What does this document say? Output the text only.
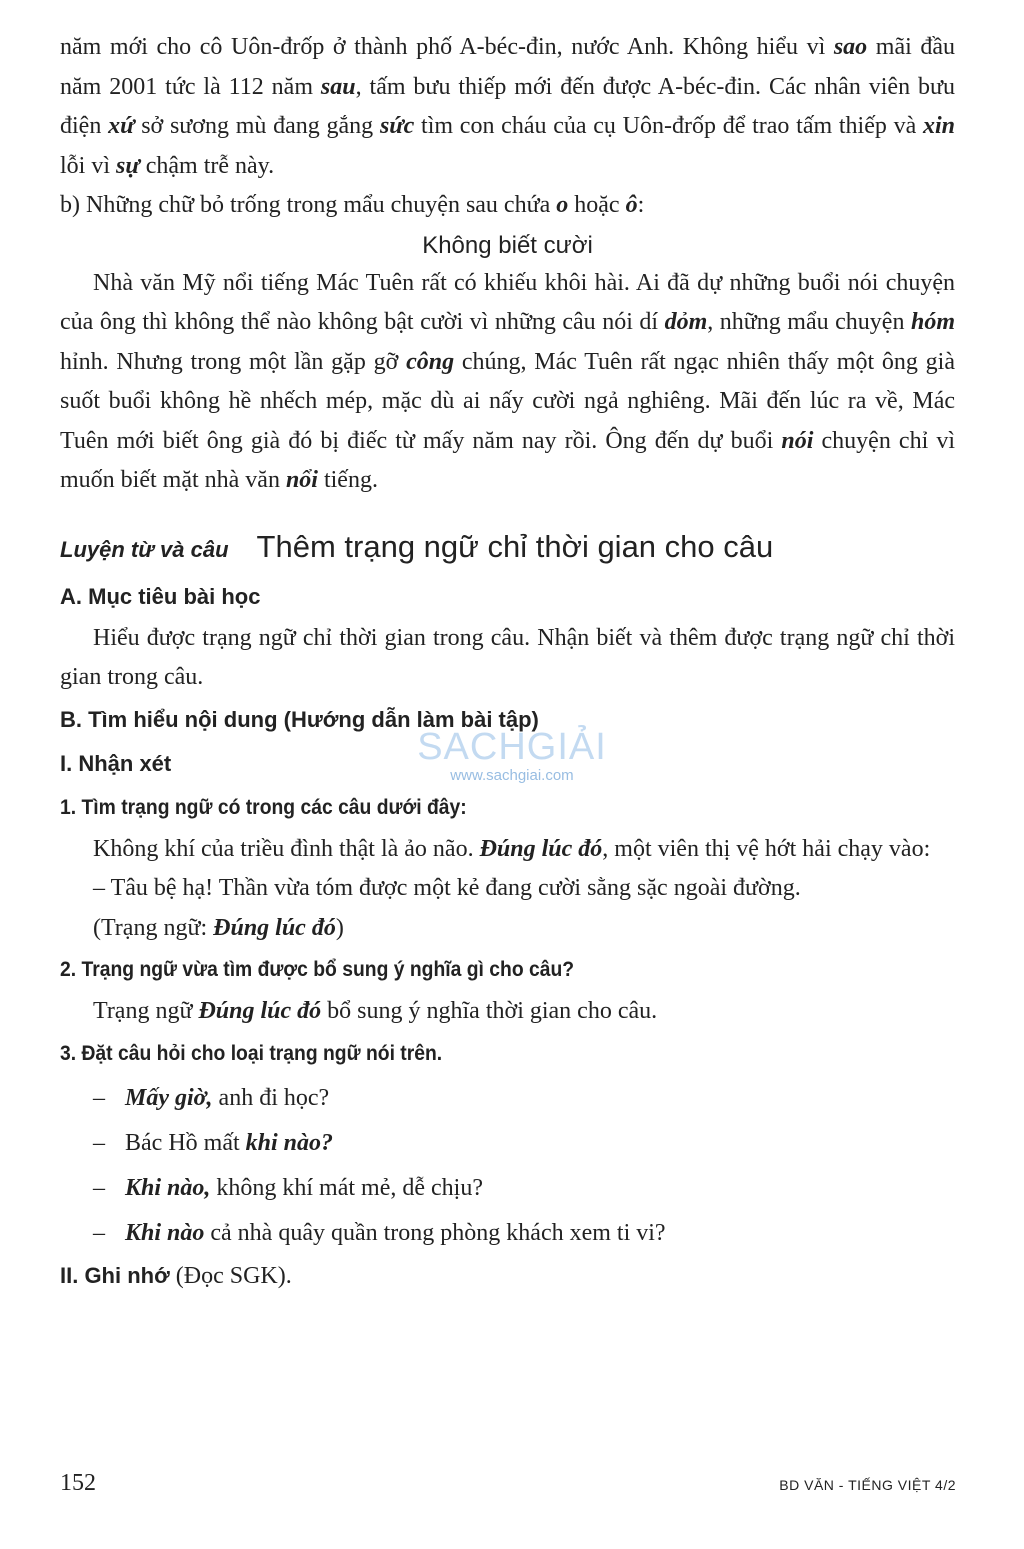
năm mới cho cô Uôn-đrốp ở thành phố A-béc-đin, nước Anh. Không hiểu vì sao mãi đầu năm 2001 tức là 112 năm sau, tấm bưu thiếp mới đến được A-béc-đin. Các nhân viên bưu điện xứ sở sương mù đang gắng sức tìm con cháu của cụ Uôn-đrốp để trao tấm thiếp và xin lỗi vì sự chậm trễ này.

b) Những chữ bỏ trống trong mẩu chuyện sau chứa o hoặc ô:

Không biết cười

Nhà văn Mỹ nổi tiếng Mác Tuên rất có khiếu khôi hài. Ai đã dự những buổi nói chuyện của ông thì không thể nào không bật cười vì những câu nói dí dỏm, những mẩu chuyện hóm hỉnh. Nhưng trong một lần gặp gỡ công chúng, Mác Tuên rất ngạc nhiên thấy một ông già suốt buổi không hề nhếch mép, mặc dù ai nấy cười ngả nghiêng. Mãi đến lúc ra về, Mác Tuên mới biết ông già đó bị điếc từ mấy năm nay rồi. Ông đến dự buổi nói chuyện chỉ vì muốn biết mặt nhà văn nổi tiếng.

Luyện từ và câu Thêm trạng ngữ chỉ thời gian cho câu

A. Mục tiêu bài học

Hiểu được trạng ngữ chỉ thời gian trong câu. Nhận biết và thêm được trạng ngữ chỉ thời gian trong câu.

B. Tìm hiểu nội dung (Hướng dẫn làm bài tập)

I. Nhận xét

1. Tìm trạng ngữ có trong các câu dưới đây:

Không khí của triều đình thật là ảo não. Đúng lúc đó, một viên thị vệ hớt hải chạy vào:

– Tâu bệ hạ! Thần vừa tóm được một kẻ đang cười sằng sặc ngoài đường.

(Trạng ngữ: Đúng lúc đó)

2. Trạng ngữ vừa tìm được bổ sung ý nghĩa gì cho câu?

Trạng ngữ Đúng lúc đó bổ sung ý nghĩa thời gian cho câu.

3. Đặt câu hỏi cho loại trạng ngữ nói trên.

– Mấy giờ, anh đi học?

– Bác Hồ mất khi nào?

– Khi nào, không khí mát mẻ, dễ chịu?

– Khi nào cả nhà quây quần trong phòng khách xem ti vi?

II. Ghi nhớ (Đọc SGK).

SACHGIẢI
www.sachgiai.com
152	BD VĂN - TIẾNG VIỆT 4/2
